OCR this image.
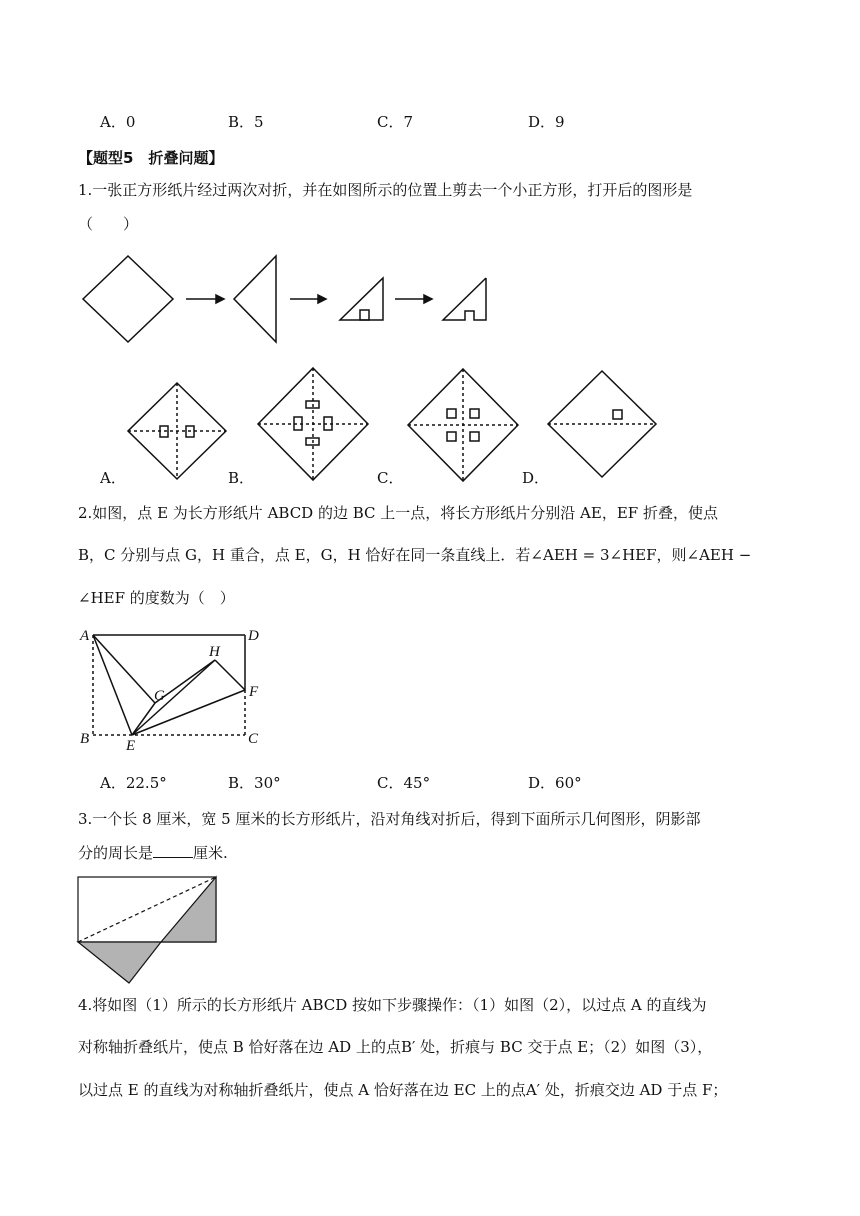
A．0	B．5	C．7	D．9
【题型5　折叠问题】
1.一张正方形纸片经过两次对折，并在如图所示的位置上剪去一个小正方形，打开后的图形是
（　　）
A．	B．	C．	D．
2.如图，点 E 为长方形纸片 ABCD 的边 BC 上一点，将长方形纸片分别沿 AE，EF 折叠，使点
B，C 分别与点 G，H 重合，点 E，G，H 恰好在同一条直线上．若∠AEH = 3∠HEF，则∠AEH −
∠HEF 的度数为（　）
A	D
H
G	F
B E	C
A．22.5°	B．30°	C．45°	D．60°
3.一个长 8 厘米，宽 5 厘米的长方形纸片，沿对角线对折后，得到下面所示几何图形，阴影部
分的周长是	厘米.
4.将如图（1）所示的长方形纸片 ABCD 按如下步骤操作：（1）如图（2），以过点 A 的直线为
对称轴折叠纸片，使点 B 恰好落在边 AD 上的点B′ 处，折痕与 BC 交于点 E；（2）如图（3），
以过点 E 的直线为对称轴折叠纸片，使点 A 恰好落在边 EC 上的点A′ 处，折痕交边 AD 于点 F；
